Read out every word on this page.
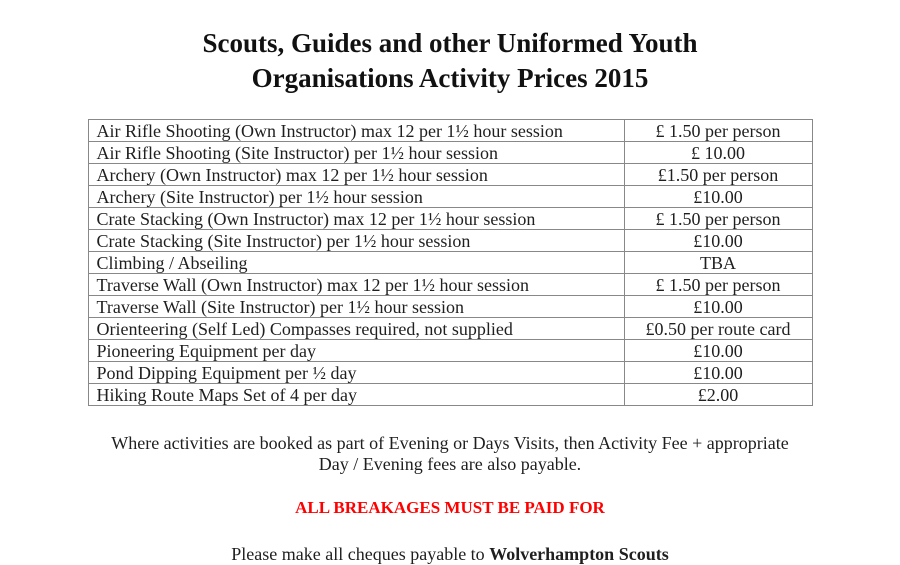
Scouts, Guides and other Uniformed Youth
Organisations Activity Prices 2015
Air Rifle Shooting (Own Instructor) max 12 per 1½ hour session	£ 1.50 per person
Air Rifle Shooting (Site Instructor) per 1½ hour session	£ 10.00
Archery (Own Instructor) max 12 per 1½ hour session	£1.50 per person
Archery (Site Instructor) per 1½ hour session	£10.00
Crate Stacking (Own Instructor) max 12 per 1½ hour session	£ 1.50 per person
Crate Stacking (Site Instructor) per 1½ hour session	£10.00
Climbing / Abseiling	TBA
Traverse Wall (Own Instructor) max 12 per 1½ hour session	£ 1.50 per person
Traverse Wall (Site Instructor) per 1½ hour session	£10.00
Orienteering (Self Led) Compasses required, not supplied	£0.50 per route card
Pioneering Equipment per day	£10.00
Pond Dipping Equipment per ½ day	£10.00
Hiking Route Maps Set of 4 per day	£2.00
Where activities are booked as part of Evening or Days Visits, then Activity Fee + appropriate Day / Evening fees are also payable.
ALL BREAKAGES MUST BE PAID FOR
Please make all cheques payable to Wolverhampton Scouts
